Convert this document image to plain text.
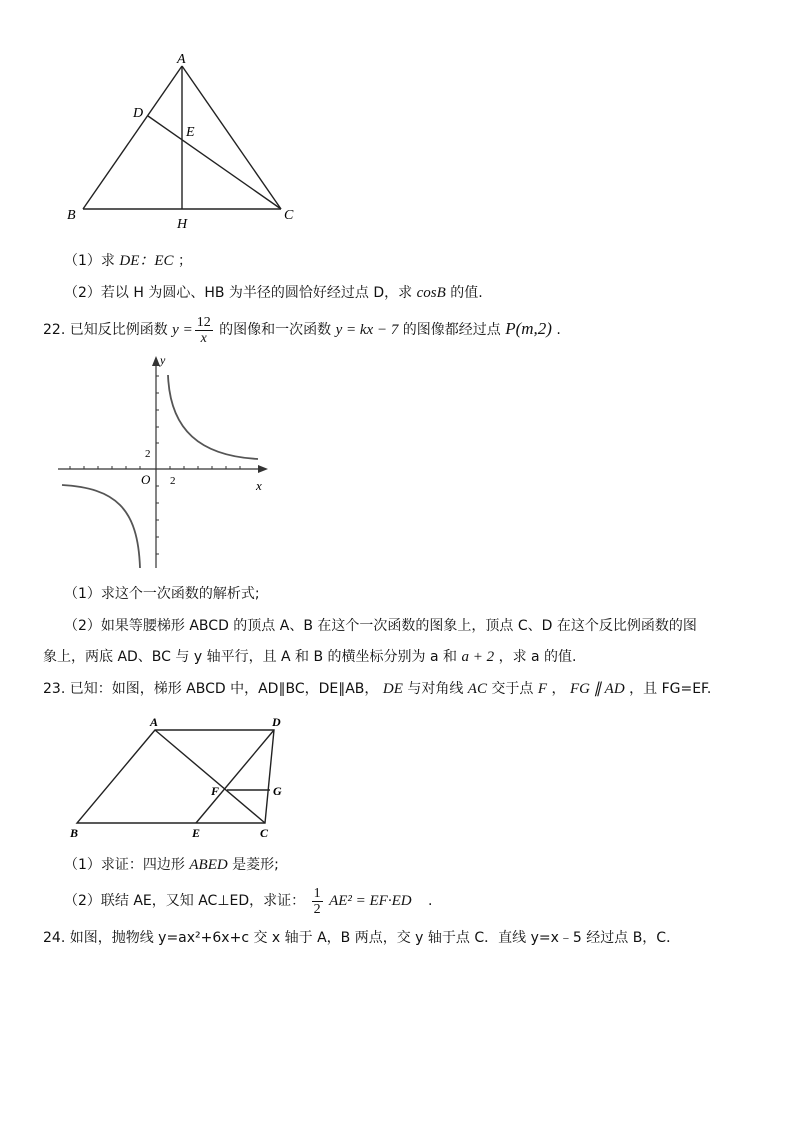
A
D
E
B
H
C
（1）求 DE：EC ；
（2）若以 H 为圆心、HB 为半径的圆恰好经过点 D，求 cosB 的值.
22. 已知反比例函数 $y = \frac{12}{x}$ 的图像和一次函数 y = kx − 7 的图像都经过点 P(m,2) .
y
x
O 2
2
（1）求这个一次函数的解析式;
（2）如果等腰梯形 ABCD 的顶点 A、B 在这个一次函数的图象上，顶点 C、D 在这个反比例函数的图
象上，两底 AD、BC 与 y 轴平行，且 A 和 B 的横坐标分别为 a 和 a + 2 ，求 a 的值.
23. 已知：如图，梯形 ABCD 中，AD∥BC，DE∥AB， DE 与对角线 AC 交于点 F ， FG ∥ AD ，且 FG=EF.
A	D
F	G
B	E	C
（1）求证：四边形 ABED 是菱形;
（2）联结 AE，又知 AC⊥ED，求证： $\frac{1}{2} AE^2 = EF\cdot ED$ .
24. 如图，抛物线 y=ax²+6x+c 交 x 轴于 A，B 两点，交 y 轴于点 C．直线 y=x﹣5 经过点 B，C．
